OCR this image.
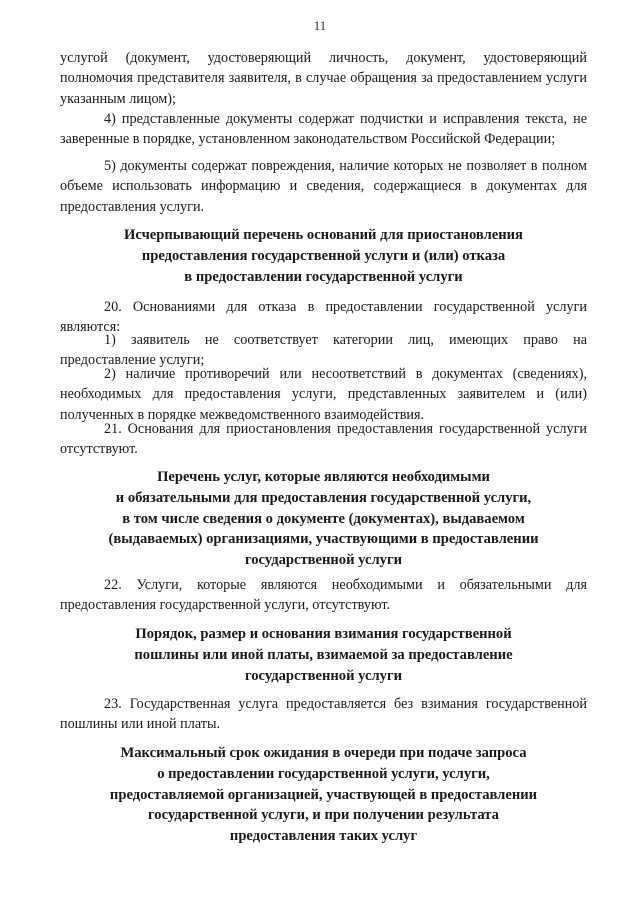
11

услугой (документ, удостоверяющий личность, документ, удостоверяющий полномочия представителя заявителя, в случае обращения за предоставлением услуги указанным лицом);

4) представленные документы содержат подчистки и исправления текста, не заверенные в порядке, установленном законодательством Российской Федерации;

5) документы содержат повреждения, наличие которых не позволяет в полном объеме использовать информацию и сведения, содержащиеся в документах для предоставления услуги.

Исчерпывающий перечень оснований для приостановления
предоставления государственной услуги и (или) отказа
в предоставлении государственной услуги

20. Основаниями для отказа в предоставлении государственной услуги являются:

1) заявитель не соответствует категории лиц, имеющих право на предоставление услуги;

2) наличие противоречий или несоответствий в документах (сведениях), необходимых для предоставления услуги, представленных заявителем и (или) полученных в порядке межведомственного взаимодействия.

21. Основания для приостановления предоставления государственной услуги отсутствуют.

Перечень услуг, которые являются необходимыми
и обязательными для предоставления государственной услуги,
в том числе сведения о документе (документах), выдаваемом
(выдаваемых) организациями, участвующими в предоставлении
государственной услуги

22. Услуги, которые являются необходимыми и обязательными для предоставления государственной услуги, отсутствуют.

Порядок, размер и основания взимания государственной
пошлины или иной платы, взимаемой за предоставление
государственной услуги

23. Государственная услуга предоставляется без взимания государственной пошлины или иной платы.

Максимальный срок ожидания в очереди при подаче запроса
о предоставлении государственной услуги, услуги,
предоставляемой организацией, участвующей в предоставлении
государственной услуги, и при получении результата
предоставления таких услуг
